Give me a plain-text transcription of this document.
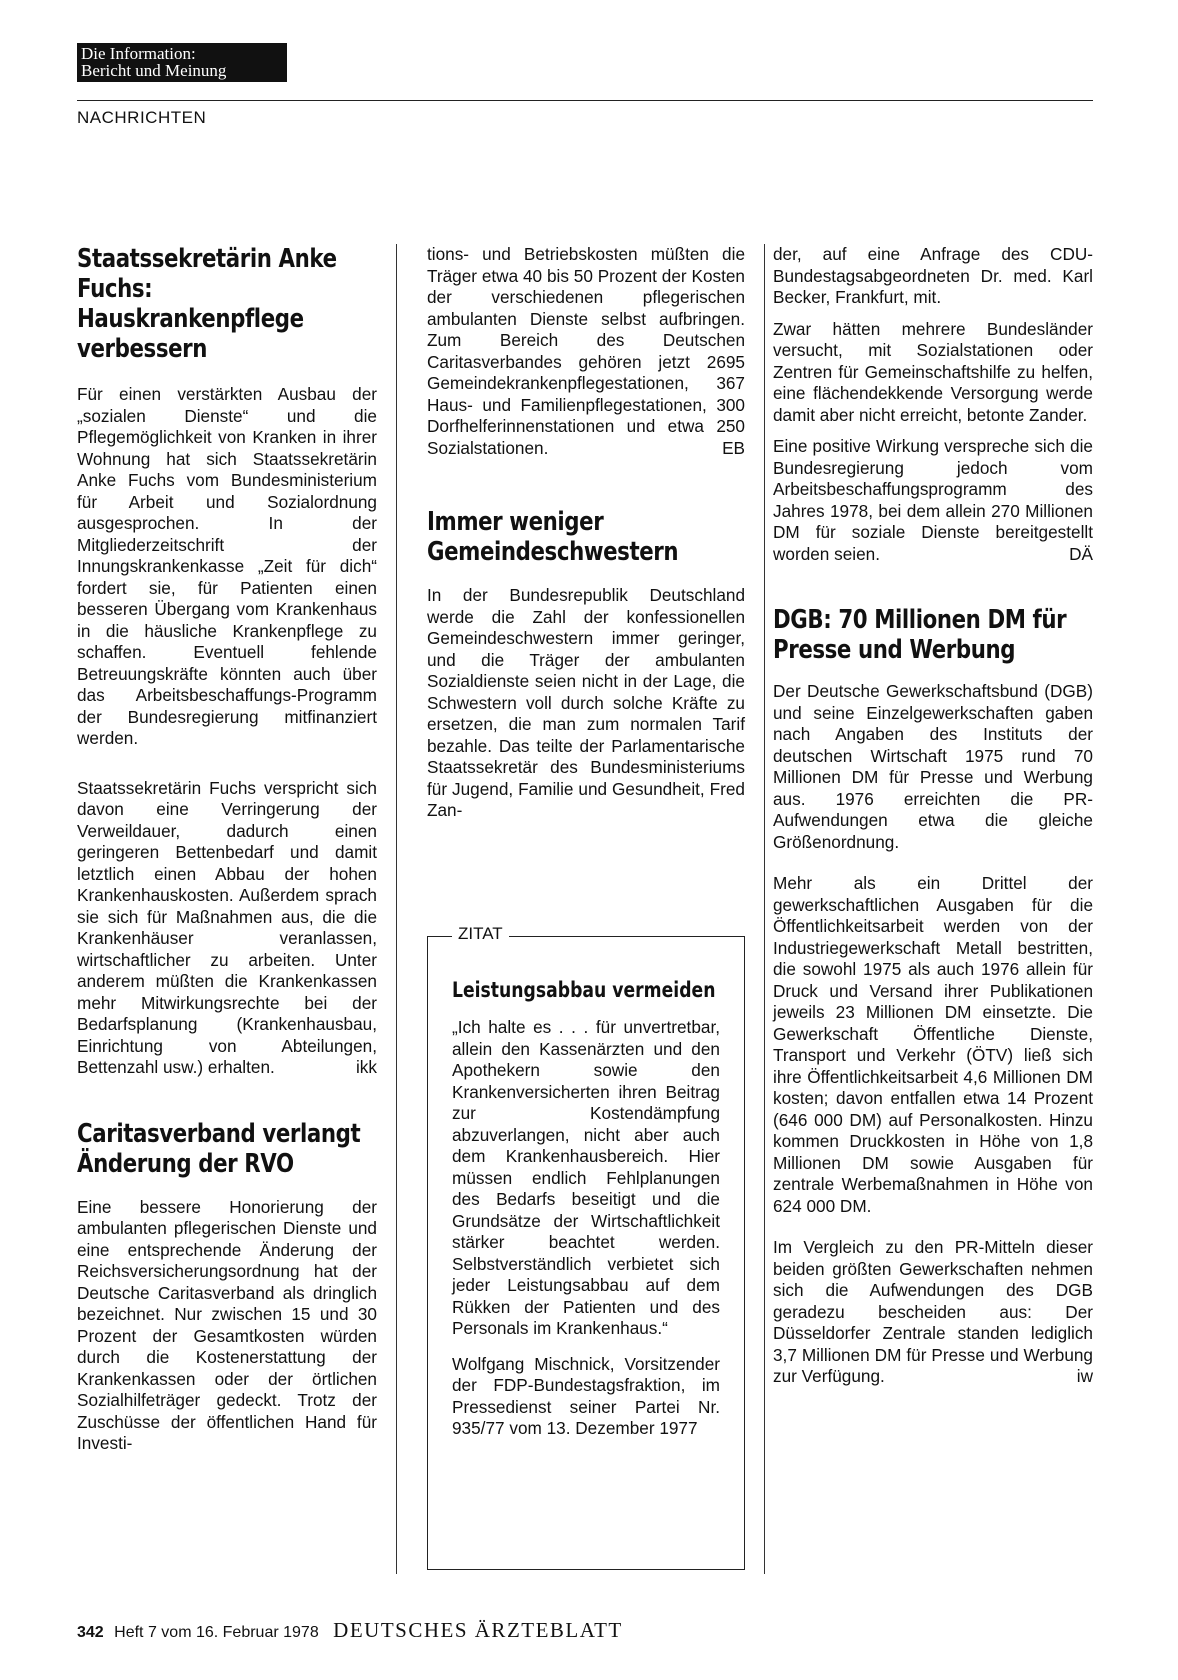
Die Information:
Bericht und Meinung
NACHRICHTEN
Staatssekretärin Anke Fuchs: Hauskrankenpflege verbessern

Für einen verstärkten Ausbau der „sozialen Dienste“ und die Pflegemöglichkeit von Kranken in ihrer Wohnung hat sich Staatssekretärin Anke Fuchs vom Bundesministerium für Arbeit und Sozialordnung ausgesprochen. In der Mitgliederzeitschrift der Innungskrankenkasse „Zeit für dich“ fordert sie, für Patienten einen besseren Übergang vom Krankenhaus in die häusliche Krankenpflege zu schaffen. Eventuell fehlende Betreuungskräfte könnten auch über das Arbeitsbeschaffungs-Programm der Bundesregierung mitfinanziert werden.

Staatssekretärin Fuchs verspricht sich davon eine Verringerung der Verweildauer, dadurch einen geringeren Bettenbedarf und damit letztlich einen Abbau der hohen Krankenhauskosten. Außerdem sprach sie sich für Maßnahmen aus, die die Krankenhäuser veranlassen, wirtschaftlicher zu arbeiten. Unter anderem müßten die Krankenkassen mehr Mitwirkungsrechte bei der Bedarfsplanung (Krankenhausbau, Einrichtung von Abteilungen, Bettenzahl usw.) erhalten.	ikk

Caritasverband verlangt Änderung der RVO

Eine bessere Honorierung der ambulanten pflegerischen Dienste und eine entsprechende Änderung der Reichsversicherungsordnung hat der Deutsche Caritasverband als dringlich bezeichnet. Nur zwischen 15 und 30 Prozent der Gesamtkosten würden durch die Kostenerstattung der Krankenkassen oder der örtlichen Sozialhilfeträger gedeckt. Trotz der Zuschüsse der öffentlichen Hand für Investi-

tions- und Betriebskosten müßten die Träger etwa 40 bis 50 Prozent der Kosten der verschiedenen pflegerischen ambulanten Dienste selbst aufbringen. Zum Bereich des Deutschen Caritasverbandes gehören jetzt 2695 Gemeindekrankenpflegestationen, 367 Haus- und Familienpflegestationen, 300 Dorfhelferinnenstationen und etwa 250 Sozialstationen.	EB

Immer weniger Gemeindeschwestern

In der Bundesrepublik Deutschland werde die Zahl der konfessionellen Gemeindeschwestern immer geringer, und die Träger der ambulanten Sozialdienste seien nicht in der Lage, die Schwestern voll durch solche Kräfte zu ersetzen, die man zum normalen Tarif bezahle. Das teilte der Parlamentarische Staatssekretär des Bundesministeriums für Jugend, Familie und Gesundheit, Fred Zan-

ZITAT
Leistungsabbau vermeiden

„Ich halte es . . . für unvertretbar, allein den Kassenärzten und den Apothekern sowie den Krankenversicherten ihren Beitrag zur Kostendämpfung abzuverlangen, nicht aber auch dem Krankenhausbereich. Hier müssen endlich Fehlplanungen des Bedarfs beseitigt und die Grundsätze der Wirtschaftlichkeit stärker beachtet werden. Selbstverständlich verbietet sich jeder Leistungsabbau auf dem Rükken der Patienten und des Personals im Krankenhaus.“

Wolfgang Mischnick, Vorsitzender der FDP-Bundestagsfraktion, im Pressedienst seiner Partei Nr. 935/77 vom 13. Dezember 1977

der, auf eine Anfrage des CDU-Bundestagsabgeordneten Dr. med. Karl Becker, Frankfurt, mit.

Zwar hätten mehrere Bundesländer versucht, mit Sozialstationen oder Zentren für Gemeinschaftshilfe zu helfen, eine flächendekkende Versorgung werde damit aber nicht erreicht, betonte Zander.

Eine positive Wirkung verspreche sich die Bundesregierung jedoch vom Arbeitsbeschaffungsprogramm des Jahres 1978, bei dem allein 270 Millionen DM für soziale Dienste bereitgestellt worden seien.	DÄ

DGB: 70 Millionen DM für Presse und Werbung

Der Deutsche Gewerkschaftsbund (DGB) und seine Einzelgewerkschaften gaben nach Angaben des Instituts der deutschen Wirtschaft 1975 rund 70 Millionen DM für Presse und Werbung aus. 1976 erreichten die PR-Aufwendungen etwa die gleiche Größenordnung.

Mehr als ein Drittel der gewerkschaftlichen Ausgaben für die Öffentlichkeitsarbeit werden von der Industriegewerkschaft Metall bestritten, die sowohl 1975 als auch 1976 allein für Druck und Versand ihrer Publikationen jeweils 23 Millionen DM einsetzte. Die Gewerkschaft Öffentliche Dienste, Transport und Verkehr (ÖTV) ließ sich ihre Öffentlichkeitsarbeit 4,6 Millionen DM kosten; davon entfallen etwa 14 Prozent (646 000 DM) auf Personalkosten. Hinzu kommen Druckkosten in Höhe von 1,8 Millionen DM sowie Ausgaben für zentrale Werbemaßnahmen in Höhe von 624 000 DM.

Im Vergleich zu den PR-Mitteln dieser beiden größten Gewerkschaften nehmen sich die Aufwendungen des DGB geradezu bescheiden aus: Der Düsseldorfer Zentrale standen lediglich 3,7 Millionen DM für Presse und Werbung zur Verfügung.	iw

342 Heft 7 vom 16. Februar 1978 DEUTSCHES ÄRZTEBLATT
